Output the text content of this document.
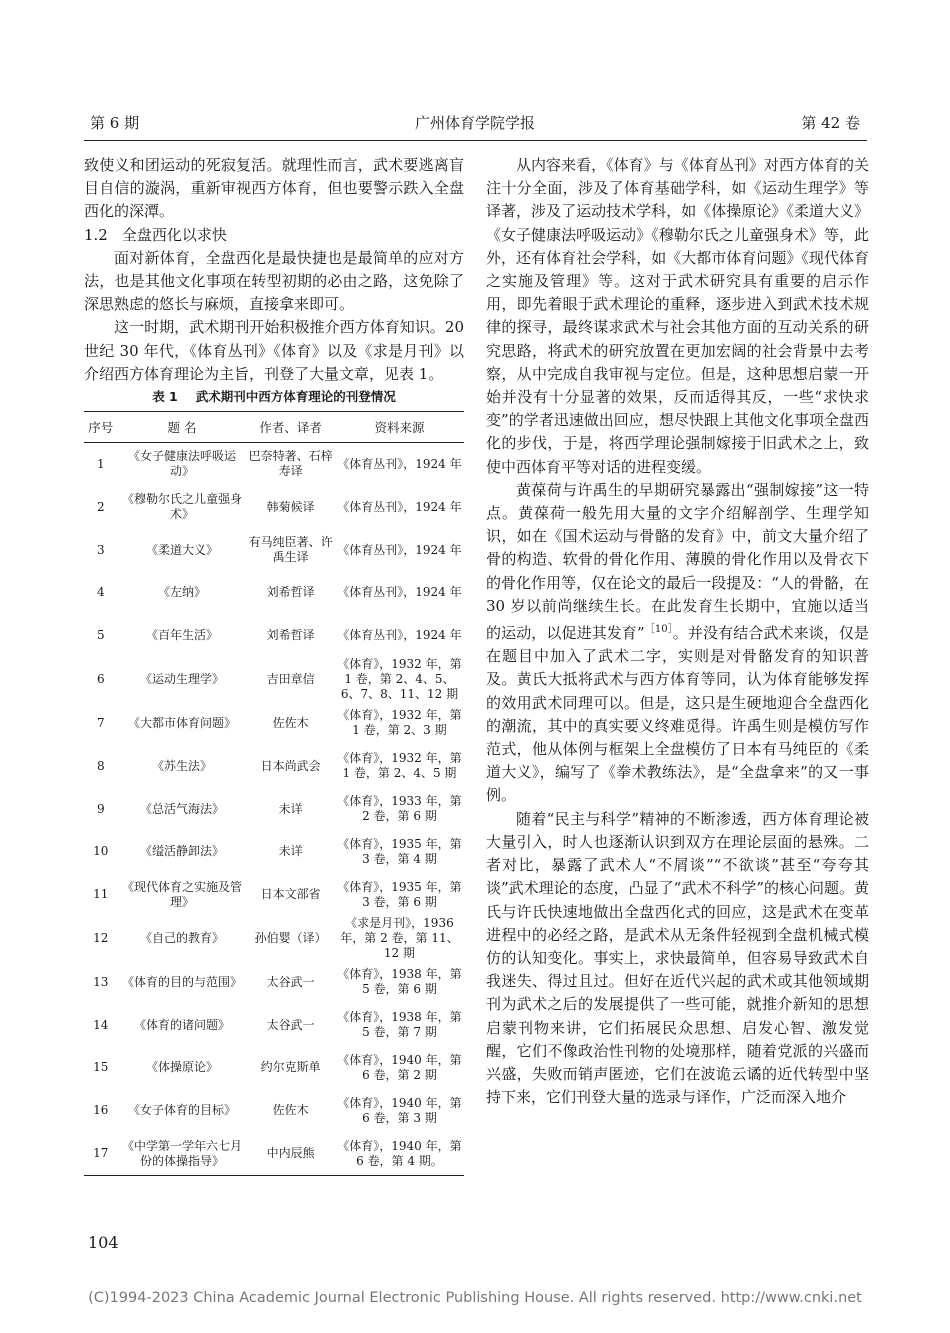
第 6 期	广州体育学院学报	第 42 卷

致使义和团运动的死寂复活。就理性而言，武术要逃离盲目自信的漩涡，重新审视西方体育，但也要警示跌入全盘西化的深潭。

1.2 全盘西化以求快

面对新体育，全盘西化是最快捷也是最简单的应对方法，也是其他文化事项在转型初期的必由之路，这免除了深思熟虑的悠长与麻烦，直接拿来即可。

这一时期，武术期刊开始积极推介西方体育知识。20 世纪 30 年代，《体育丛刊》《体育》以及《求是月刊》以介绍西方体育理论为主旨，刊登了大量文章，见表 1。

表 1 武术期刊中西方体育理论的刊登情况
序号	题 名	作者、译者	资料来源
1	《女子健康法呼吸运动》	巴奈特著、石梓寿译	《体育丛刊》，1924 年
2	《穆勒尔氏之儿童强身术》	韩菊候译	《体育丛刊》，1924 年
3	《柔道大义》	有马纯臣著、许禹生译	《体育丛刊》，1924 年
4	《左纳》	刘希哲译	《体育丛刊》，1924 年
5	《百年生活》	刘希哲译	《体育丛刊》，1924 年
6	《运动生理学》	吉田章信	《体育》，1932 年，第 1 卷，第 2、4、5、6、7、8、11、12 期
7	《大都市体育问题》	佐佐木	《体育》，1932 年，第 1 卷，第 2、3 期
8	《苏生法》	日本尚武会	《体育》，1932 年，第 1 卷，第 2、4、5 期
9	《总活气海法》	未详	《体育》，1933 年，第 2 卷，第 6 期
10	《缢活静卸法》	未详	《体育》，1935 年，第 3 卷，第 4 期
11	《现代体育之实施及管理》	日本文部省	《体育》，1935 年，第 3 卷，第 6 期
12	《自己的教育》	孙伯婴（译）	《求是月刊》，1936 年，第 2 卷，第 11、12 期
13	《体育的目的与范围》	太谷武一	《体育》，1938 年，第 5 卷，第 6 期
14	《体育的诸问题》	太谷武一	《体育》，1938 年，第 5 卷，第 7 期
15	《体操原论》	约尔克斯单	《体育》，1940 年，第 6 卷，第 2 期
16	《女子体育的目标》	佐佐木	《体育》，1940 年，第 6 卷，第 3 期
17	《中学第一学年六七月份的体操指导》	中内辰熊	《体育》，1940 年，第 6 卷，第 4 期。

从内容来看，《体育》与《体育丛刊》对西方体育的关注十分全面，涉及了体育基础学科，如《运动生理学》等译著，涉及了运动技术学科，如《体操原论》《柔道大义》《女子健康法呼吸运动》《穆勒尔氏之儿童强身术》等，此外，还有体育社会学科，如《大都市体育问题》《现代体育之实施及管理》等。这对于武术研究具有重要的启示作用，即先着眼于武术理论的重释，逐步进入到武术技术规律的探寻，最终谋求武术与社会其他方面的互动关系的研究思路，将武术的研究放置在更加宏阔的社会背景中去考察，从中完成自我审视与定位。但是，这种思想启蒙一开始并没有十分显著的效果，反而适得其反，一些“求快求变”的学者迅速做出回应，想尽快跟上其他文化事项全盘西化的步伐，于是，将西学理论强制嫁接于旧武术之上，致使中西体育平等对话的进程变缓。

黄葆荷与许禹生的早期研究暴露出“强制嫁接”这一特点。黄葆荷一般先用大量的文字介绍解剖学、生理学知识，如在《国术运动与骨骼的发育》中，前文大量介绍了骨的构造、软骨的骨化作用、薄膜的骨化作用以及骨衣下的骨化作用等，仅在论文的最后一段提及：“人的骨骼，在 30 岁以前尚继续生长。在此发育生长期中，宜施以适当的运动，以促进其发育”$^{[10]}$。并没有结合武术来谈，仅是在题目中加入了武术二字，实则是对骨骼发育的知识普及。黄氏大抵将武术与西方体育等同，认为体育能够发挥的效用武术同理可以。但是，这只是生硬地迎合全盘西化的潮流，其中的真实要义终难觅得。许禹生则是模仿写作范式，他从体例与框架上全盘模仿了日本有马纯臣的《柔道大义》，编写了《拳术教练法》，是“全盘拿来”的又一事例。

随着“民主与科学”精神的不断渗透，西方体育理论被大量引入，时人也逐渐认识到双方在理论层面的悬殊。二者对比，暴露了武术人“不屑谈”“不欲谈”甚至“夸夸其谈”武术理论的态度，凸显了“武术不科学”的核心问题。黄氏与许氏快速地做出全盘西化式的回应，这是武术在变革进程中的必经之路，是武术从无条件轻视到全盘机械式模仿的认知变化。事实上，求快最简单，但容易导致武术自我迷失、得过且过。但好在近代兴起的武术或其他领域期刊为武术之后的发展提供了一些可能，就推介新知的思想启蒙刊物来讲，它们拓展民众思想、启发心智、激发觉醒，它们不像政治性刊物的处境那样，随着党派的兴盛而兴盛，失败而销声匿迹，它们在波诡云谲的近代转型中坚持下来，它们刊登大量的选录与译作，广泛而深入地介

104
(C)1994-2023 China Academic Journal Electronic Publishing House. All rights reserved. http://www.cnki.net
